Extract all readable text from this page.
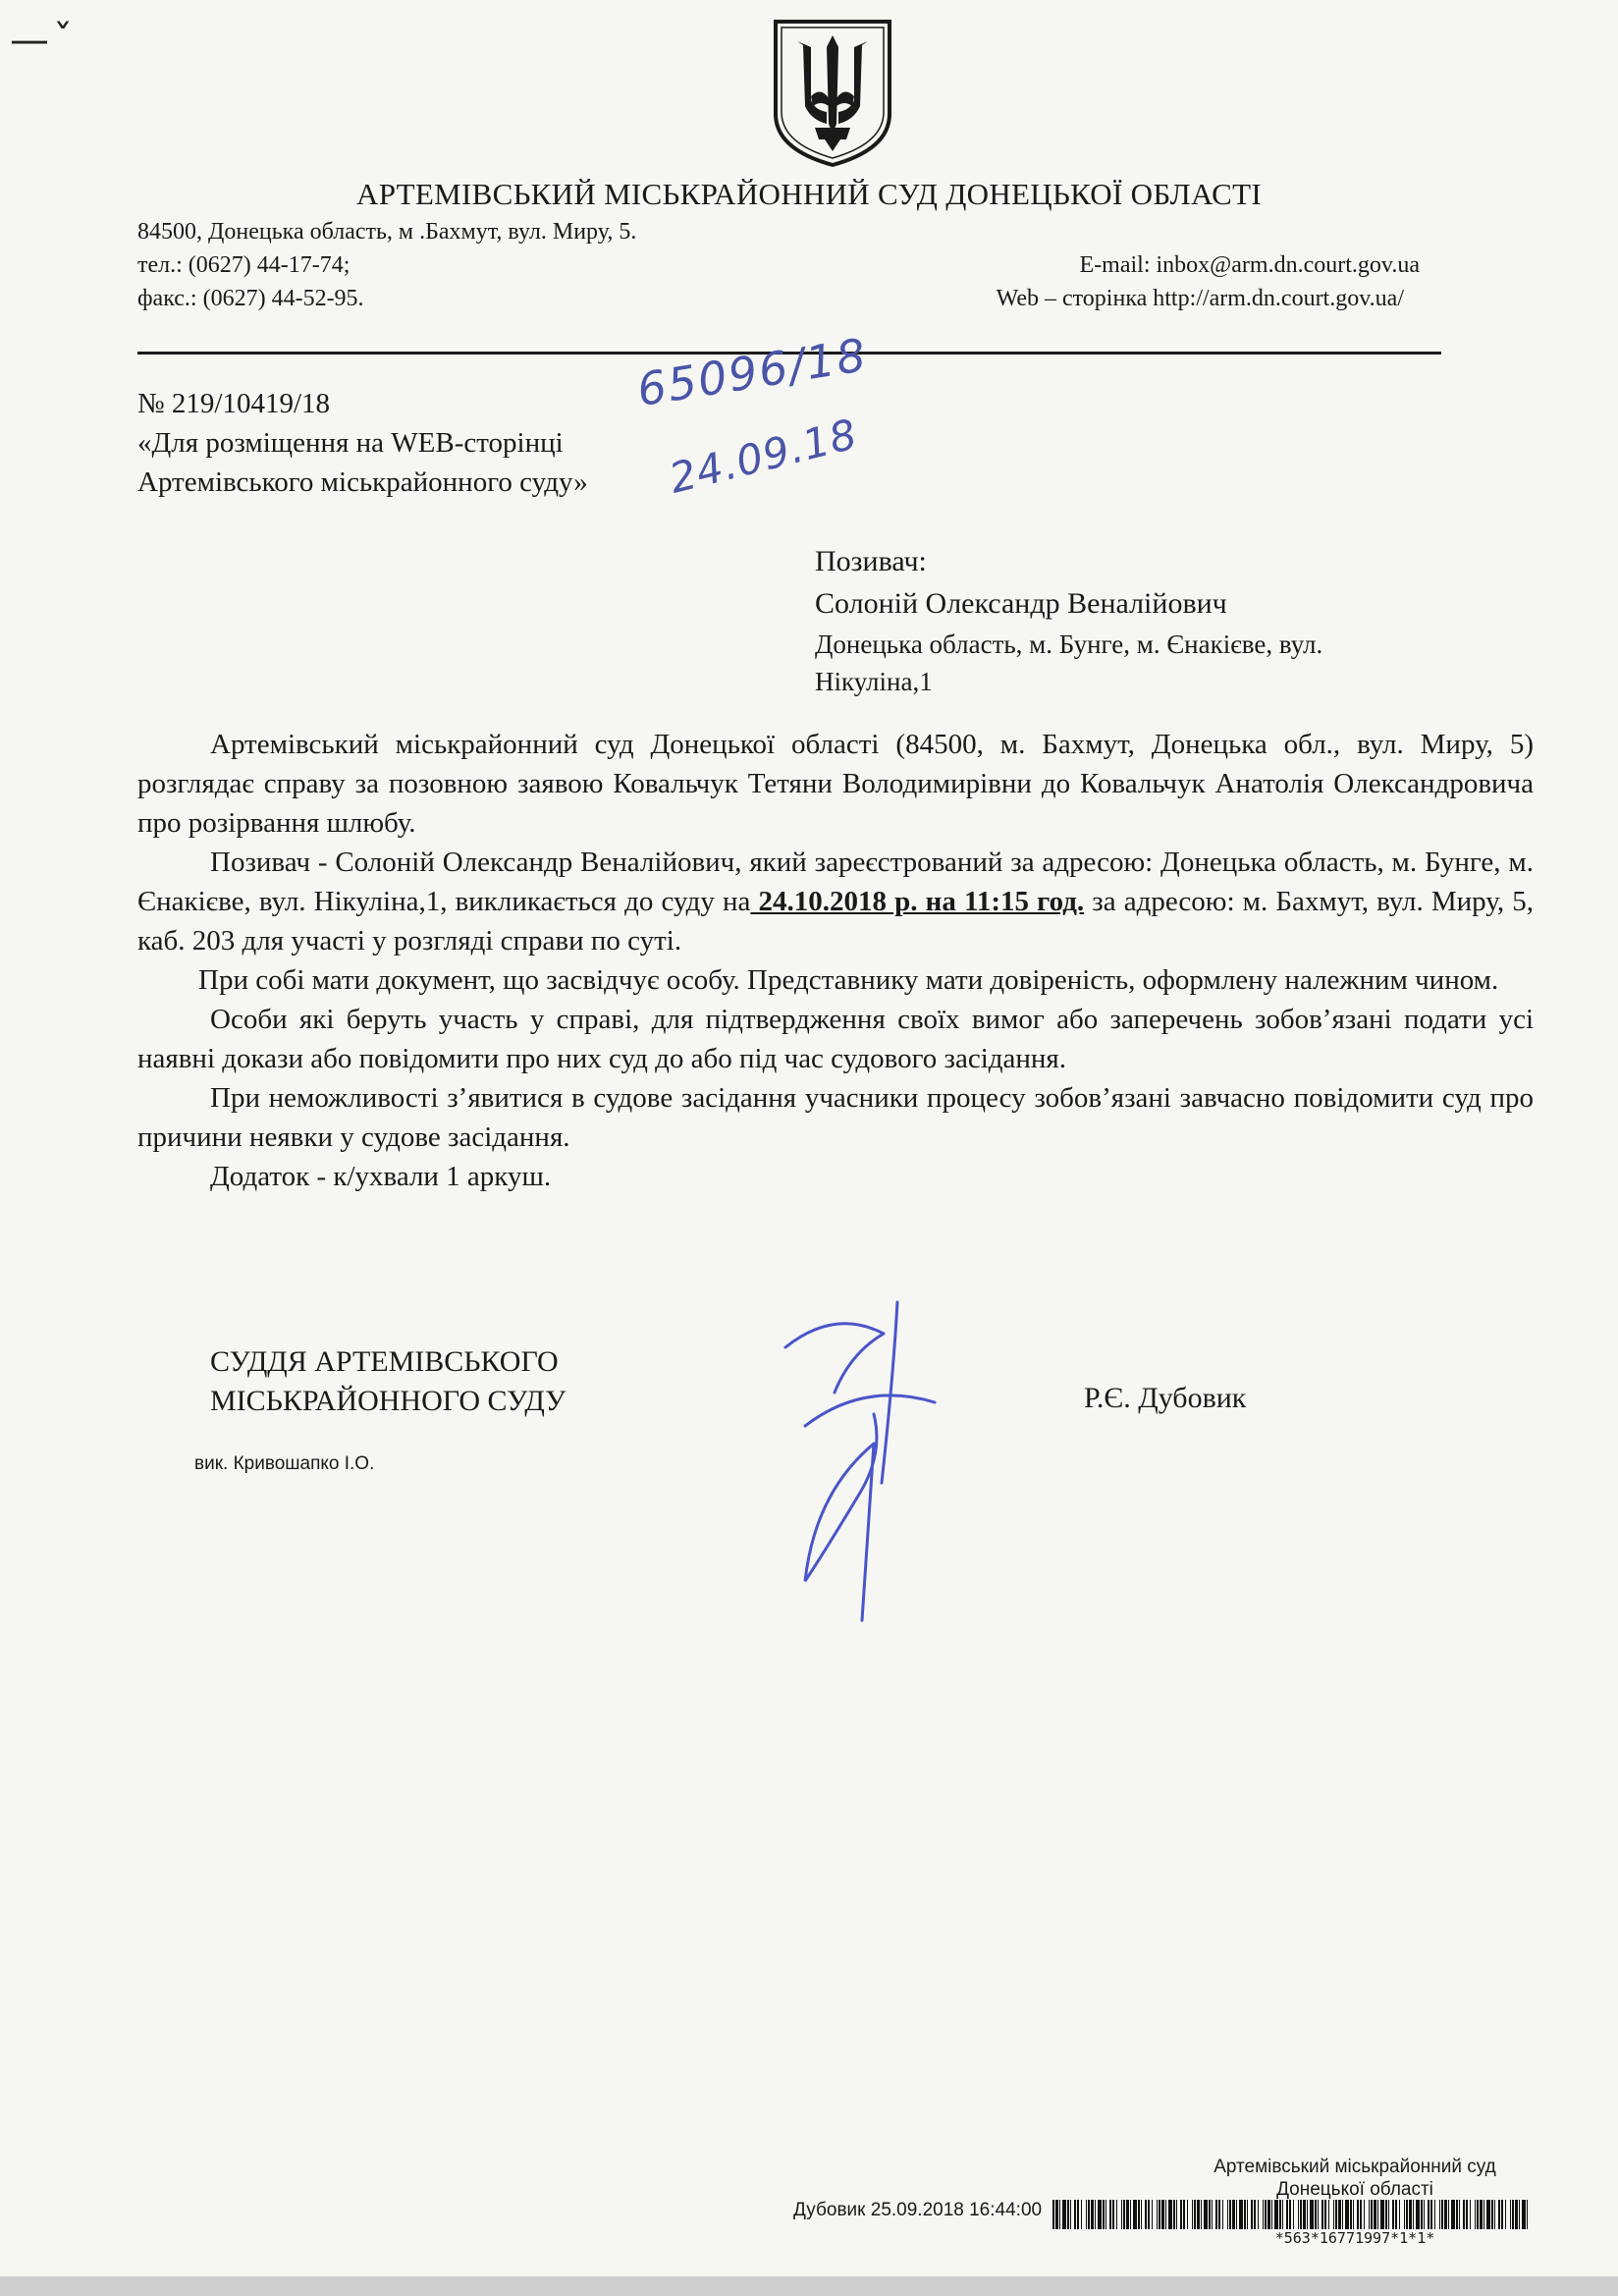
—ˇ
АРТЕМІВСЬКИЙ МІСЬКРАЙОННИЙ СУД ДОНЕЦЬКОЇ ОБЛАСТІ
84500, Донецька область, м .Бахмут, вул. Миру, 5.
тел.: (0627) 44-17-74;
факс.: (0627) 44-52-95.
E-mail: inbox@arm.dn.court.gov.ua
Web – сторінка http://arm.dn.court.gov.ua/
№ 219/10419/18
«Для розміщення на WEB-сторінці
Артемівського міськрайонного суду»
65096/18
24.09.18
Позивач:
Солоній Олександр Веналійович
Донецька область, м. Бунге, м. Єнакієве, вул.
Нікуліна,1

Артемівський міськрайонний суд Донецької області (84500, м. Бахмут, Донецька обл., вул. Миру, 5) розглядає справу за позовною заявою Ковальчук Тетяни Володимирівни до Ковальчук Анатолія Олександровича про розірвання шлюбу.

Позивач - Солоній Олександр Веналійович, який зареєстрований за адресою: Донецька область, м. Бунге, м. Єнакієве, вул. Нікуліна,1, викликається до суду на 24.10.2018 р. на 11:15 год. за адресою: м. Бахмут, вул. Миру, 5, каб. 203 для участі у розгляді справи по суті.

При собі мати документ, що засвідчує особу. Представнику мати довіреність, оформлену належним чином.

Особи які беруть участь у справі, для підтвердження своїх вимог або заперечень зобов’язані подати усі наявні докази або повідомити про них суд до або під час судового засідання.

При неможливості з’явитися в судове засідання учасники процесу зобов’язані завчасно повідомити суд про причини неявки у судове засідання.

Додаток - к/ухвали 1 аркуш.

СУДДЯ АРТЕМІВСЬКОГО
МІСЬКРАЙОННОГО СУДУ	Р.Є. Дубовик
вик. Кривошапко І.О.
Артемівський міськрайонний суд
Донецької області
Дубовик 25.09.2018 16:44:00
*563*16771997*1*1*
